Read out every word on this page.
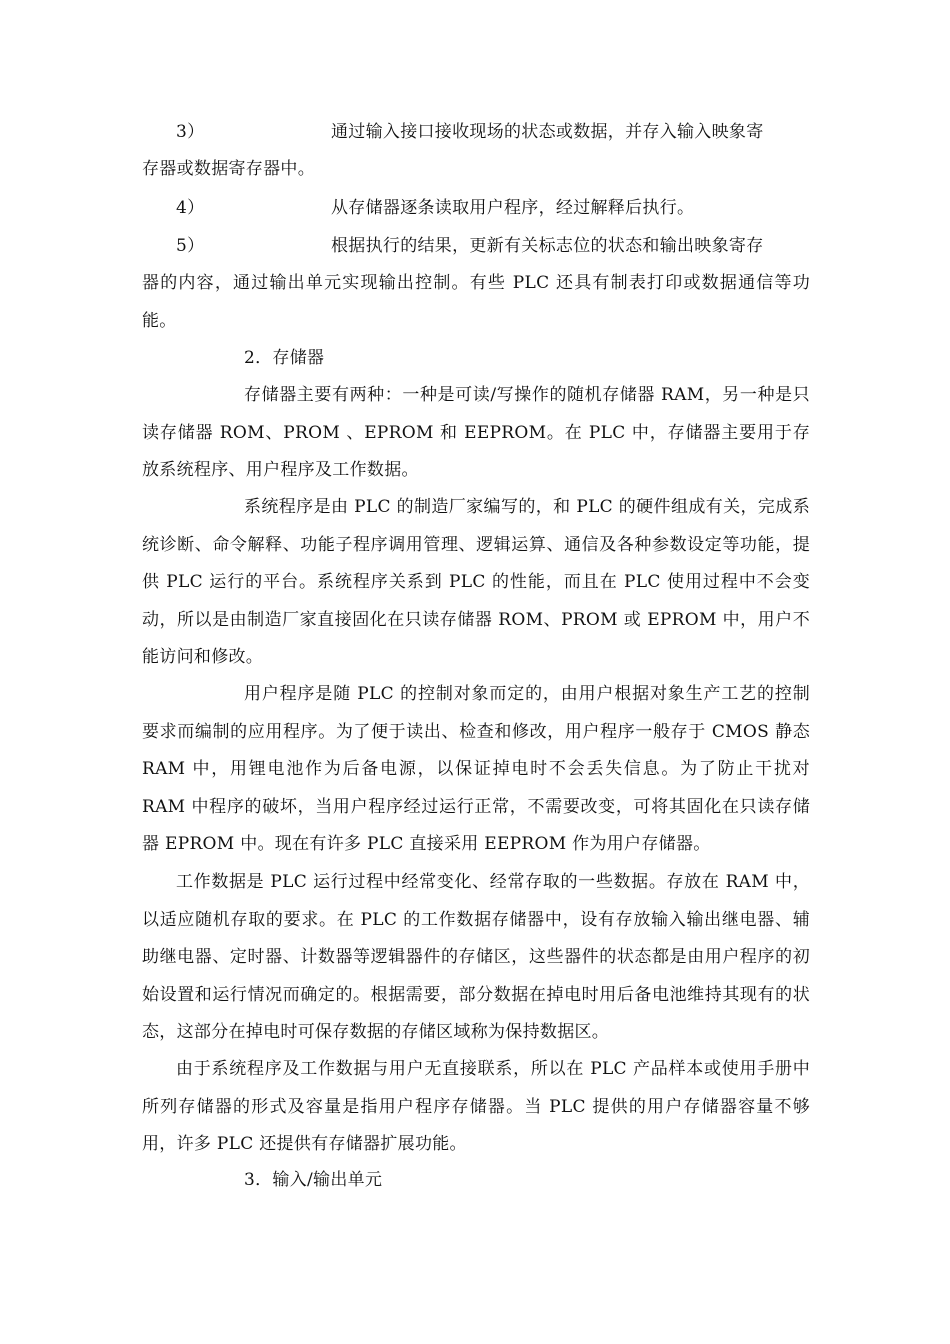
3）	通过输入接口接收现场的状态或数据，并存入输入映象寄

存器或数据寄存器中。

4）	从存储器逐条读取用户程序，经过解释后执行。

5）	根据执行的结果，更新有关标志位的状态和输出映象寄存

器的内容，通过输出单元实现输出控制。有些 PLC 还具有制表打印或数据通信等功能。

2．存储器

存储器主要有两种：一种是可读/写操作的随机存储器 RAM，另一种是只读存储器 ROM、PROM 、EPROM 和 EEPROM。在 PLC 中，存储器主要用于存放系统程序、用户程序及工作数据。

系统程序是由 PLC 的制造厂家编写的，和 PLC 的硬件组成有关，完成系统诊断、命令解释、功能子程序调用管理、逻辑运算、通信及各种参数设定等功能，提供 PLC 运行的平台。系统程序关系到 PLC 的性能，而且在 PLC 使用过程中不会变动，所以是由制造厂家直接固化在只读存储器 ROM、PROM 或 EPROM 中，用户不能访问和修改。

用户程序是随 PLC 的控制对象而定的，由用户根据对象生产工艺的控制要求而编制的应用程序。为了便于读出、检查和修改，用户程序一般存于 CMOS 静态 RAM 中，用锂电池作为后备电源，以保证掉电时不会丢失信息。为了防止干扰对 RAM 中程序的破坏，当用户程序经过运行正常，不需要改变，可将其固化在只读存储器 EPROM 中。现在有许多 PLC 直接采用 EEPROM 作为用户存储器。

工作数据是 PLC 运行过程中经常变化、经常存取的一些数据。存放在 RAM 中，以适应随机存取的要求。在 PLC 的工作数据存储器中，设有存放输入输出继电器、辅助继电器、定时器、计数器等逻辑器件的存储区，这些器件的状态都是由用户程序的初始设置和运行情况而确定的。根据需要，部分数据在掉电时用后备电池维持其现有的状态，这部分在掉电时可保存数据的存储区域称为保持数据区。

由于系统程序及工作数据与用户无直接联系，所以在 PLC 产品样本或使用手册中所列存储器的形式及容量是指用户程序存储器。当 PLC 提供的用户存储器容量不够用，许多 PLC 还提供有存储器扩展功能。

3．输入/输出单元
